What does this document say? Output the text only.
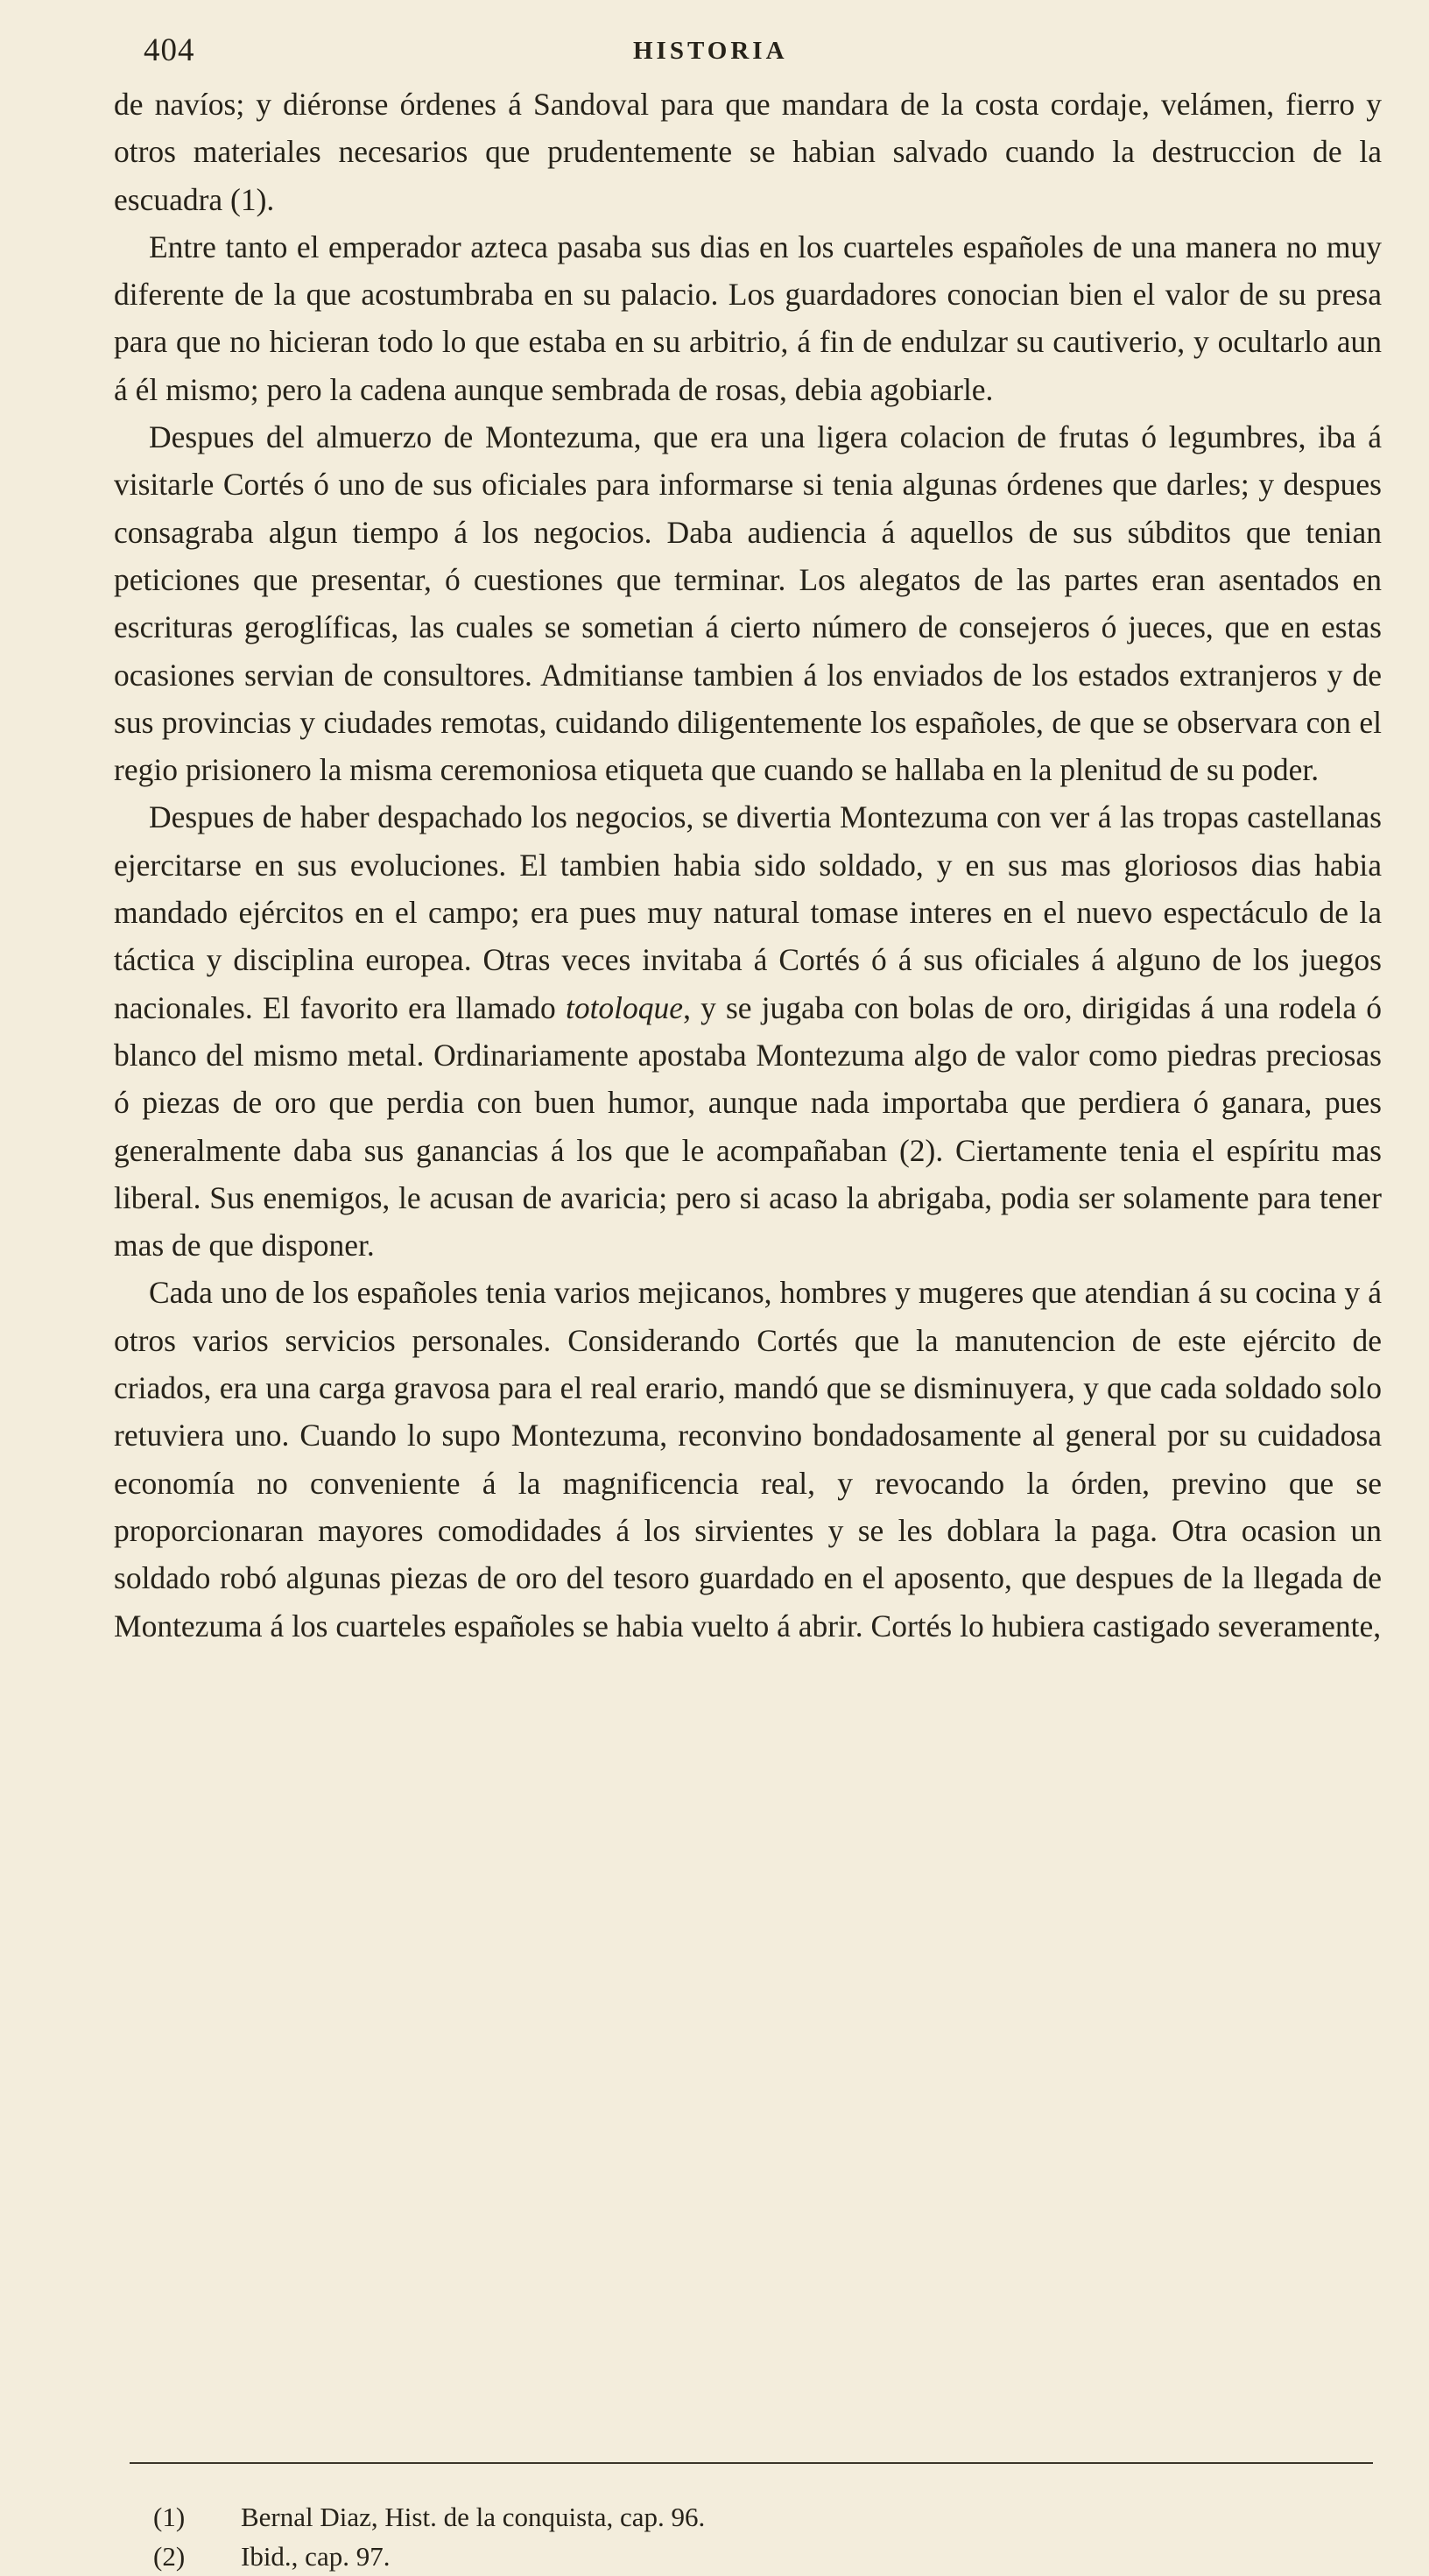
404	HISTORIA

de navíos; y diéronse órdenes á Sandoval para que mandara de la costa cordaje, velámen, fierro y otros materiales necesarios que prudentemente se habian salvado cuando la destruccion de la escuadra (1).

Entre tanto el emperador azteca pasaba sus dias en los cuarteles españoles de una manera no muy diferente de la que acostumbraba en su palacio. Los guardadores conocian bien el valor de su presa para que no hicieran todo lo que estaba en su arbitrio, á fin de endulzar su cautiverio, y ocultarlo aun á él mismo; pero la cadena aunque sembrada de rosas, debia agobiarle.

Despues del almuerzo de Montezuma, que era una ligera colacion de frutas ó legumbres, iba á visitarle Cortés ó uno de sus oficiales para informarse si tenia algunas órdenes que darles; y despues consagraba algun tiempo á los negocios. Daba audiencia á aquellos de sus súbditos que tenian peticiones que presentar, ó cuestiones que terminar. Los alegatos de las partes eran asentados en escrituras geroglíficas, las cuales se sometian á cierto número de consejeros ó jueces, que en estas ocasiones servian de consultores. Admitianse tambien á los enviados de los estados extranjeros y de sus provincias y ciudades remotas, cuidando diligentemente los españoles, de que se observara con el regio prisionero la misma ceremoniosa etiqueta que cuando se hallaba en la plenitud de su poder.

Despues de haber despachado los negocios, se divertia Montezuma con ver á las tropas castellanas ejercitarse en sus evoluciones. El tambien habia sido soldado, y en sus mas gloriosos dias habia mandado ejércitos en el campo; era pues muy natural tomase interes en el nuevo espectáculo de la táctica y disciplina europea. Otras veces invitaba á Cortés ó á sus oficiales á alguno de los juegos nacionales. El favorito era llamado totoloque, y se jugaba con bolas de oro, dirigidas á una rodela ó blanco del mismo metal. Ordinariamente apostaba Montezuma algo de valor como piedras preciosas ó piezas de oro que perdia con buen humor, aunque nada importaba que perdiera ó ganara, pues generalmente daba sus ganancias á los que le acompañaban (2). Ciertamente tenia el espíritu mas liberal. Sus enemigos, le acusan de avaricia; pero si acaso la abrigaba, podia ser solamente para tener mas de que disponer.

Cada uno de los españoles tenia varios mejicanos, hombres y mugeres que atendian á su cocina y á otros varios servicios personales. Considerando Cortés que la manutencion de este ejército de criados, era una carga gravosa para el real erario, mandó que se disminuyera, y que cada soldado solo retuviera uno. Cuando lo supo Montezuma, reconvino bondadosamente al general por su cuidadosa economía no conveniente á la magnificencia real, y revocando la órden, previno que se proporcionaran mayores comodidades á los sirvientes y se les doblara la paga. Otra ocasion un soldado robó algunas piezas de oro del tesoro guardado en el aposento, que despues de la llegada de Montezuma á los cuarteles españoles se habia vuelto á abrir. Cortés lo hubiera castigado severamente,

(1)	Bernal Diaz, Hist. de la conquista, cap. 96.
(2)	Ibid., cap. 97.
